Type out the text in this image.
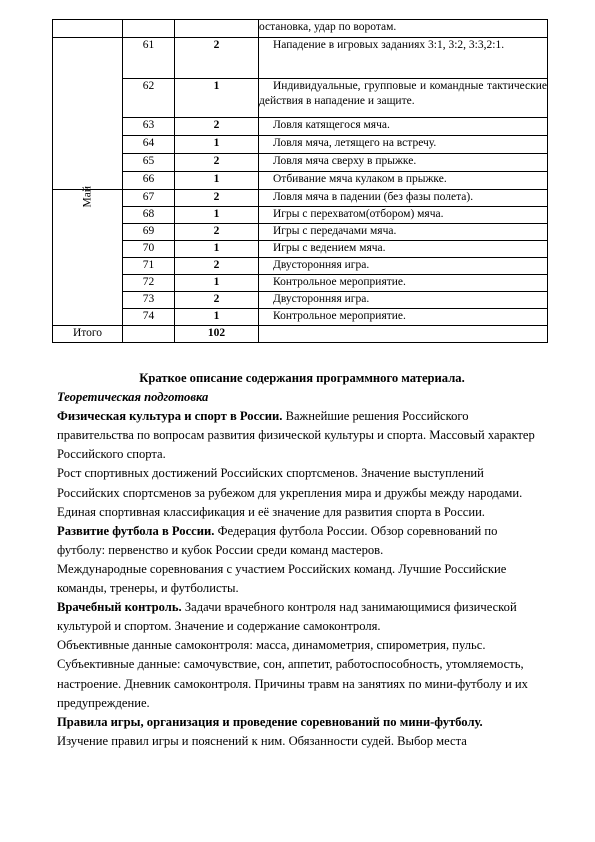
			остановка, удар по воротам.
	61	2	Нападение в игровых заданиях 3:1, 3:2, 3:3,2:1.
	62	1	Индивидуальные, групповые и командные тактические действия в нападение и защите.
	63	2	Ловля катящегося мяча.
	64	1	Ловля мяча, летящего на встречу.
	65	2	Ловля мяча сверху в прыжке.
	66	1	Отбивание мяча кулаком в прыжке.

Май	67	2	Ловля мяча в падении (без фазы полета).
	68	1	Игры с перехватом(отбором) мяча.
	69	2	Игры с передачами мяча.
	70	1	Игры с ведением мяча.
	71	2	Двусторонняя игра.
	72	1	Контрольное мероприятие.
	73	2	Двусторонняя игра.
	74	1	Контрольное мероприятие.
Итого		102	

Краткое описание содержания программного материала.

Теоретическая подготовка

Физическая культура и спорт в России. Важнейшие решения Российского правительства по вопросам развития физической культуры и спорта. Массовый характер Российского спорта.

Рост спортивных достижений Российских спортсменов. Значение выступлений Российских спортсменов за рубежом для укрепления мира и дружбы между народами. Единая спортивная классификация и её значение для развития спорта в России.

Развитие футбола в России. Федерация футбола России. Обзор соревнований по футболу: первенство и кубок России среди команд мастеров.

Международные соревнования с участием Российских команд. Лучшие Российские команды, тренеры, и футболисты.

Врачебный контроль. Задачи врачебного контроля над занимающимися физической культурой и спортом. Значение и содержание самоконтроля.

Объективные данные самоконтроля: масса, динамометрия, спирометрия, пульс.

Субъективные данные: самочувствие, сон, аппетит, работоспособность, утомляемость, настроение. Дневник самоконтроля. Причины травм на занятиях по мини-футболу и их предупреждение.

Правила игры, организация и проведение соревнований по мини-футболу.

Изучение правил игры и пояснений к ним. Обязанности судей. Выбор места
